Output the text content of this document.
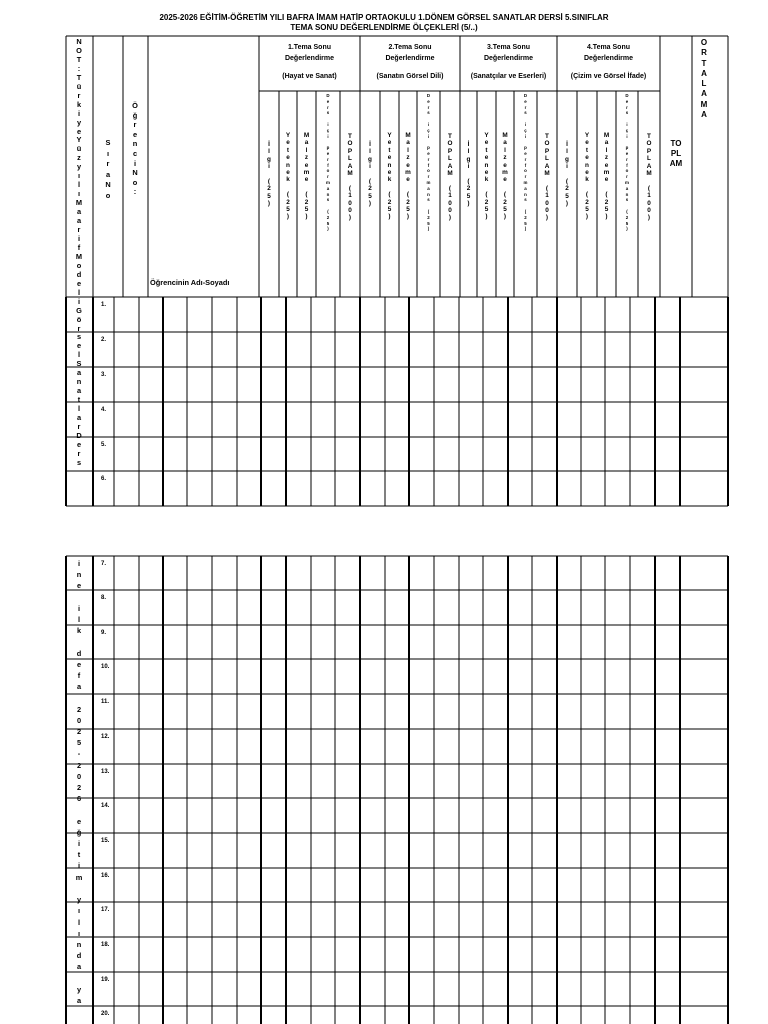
2025-2026 EĞİTİM-ÖĞRETİM YILI BAFRA İMAM HATİP ORTAOKULU 1.DÖNEM GÖRSEL SANATLAR DERSİ 5.SINIFLAR
TEMA SONU DEĞERLENDİRME ÖLÇEKLERİ (5/..)
N
O
T
:
T
ü
r
k
i
y
e
Y
ü
z
y
ı
l
ı
M
a
a
r
i
f
M
o
d
e
l
i
G
ö
r
s
e
l
S
a
n
a
t
l
a
r
D
e
r
s
i
n
e

i
l
k

d
e
f
a

2
0
2
5
-
2
0
2
6

e
ğ
i
t
i
m

y
ı
l
ı
n
d
a

y
a
S
ı
r
a
N
o
Ö
ğ
r
e
n
c
i
N
o
:
Öğrencinin Adı-Soyadı
1.Tema Sonu
Değerlendirme
(Hayat ve Sanat)
İ
l
g
i

(
2
5
)
Y
e
t
e
n
e
k

(
2
5
)
M
a
l
z
e
m
e

(
2
5
)
D
e
r
s

i
ç
i

p
e
r
f
o
r
m
a
n
s

(
2
5
)
T
O
P
L
A
M

(
1
0
0
)
2.Tema Sonu
Değerlendirme
(Sanatın Görsel Dili)
İ
l
g
i

(
2
5
)
Y
e
t
e
n
e
k

(
2
5
)
M
a
l
z
e
m
e

(
2
5
)
D
e
r
s

i
ç
i

p
e
r
f
o
r
m
a
n
s

(
2
5
)
T
O
P
L
A
M

(
1
0
0
)
3.Tema Sonu
Değerlendirme
(Sanatçılar ve Eserleri)
İ
l
g
i

(
2
5
)
Y
e
t
e
n
e
k

(
2
5
)
M
a
l
z
e
m
e

(
2
5
)
D
e
r
s

i
ç
i

p
e
r
f
o
r
m
a
n
s

(
2
5
)
T
O
P
L
A
M

(
1
0
0
)
4.Tema Sonu
Değerlendirme
(Çizim ve Görsel İfade)
İ
l
g
i

(
2
5
)
Y
e
t
e
n
e
k

(
2
5
)
M
a
l
z
e
m
e

(
2
5
)
D
e
r
s

i
ç
i

p
e
r
f
o
r
m
a
n
s

(
2
5
)
T
O
P
L
A
M

(
1
0
0
)
TO
PL
AM
O
R
T
A
L
A
M
A
1.
2.
3.
4.
5.
6.
7.
8.
9.
10.
11.
12.
13.
14.
15.
16.
17.
18.
19.
20.
